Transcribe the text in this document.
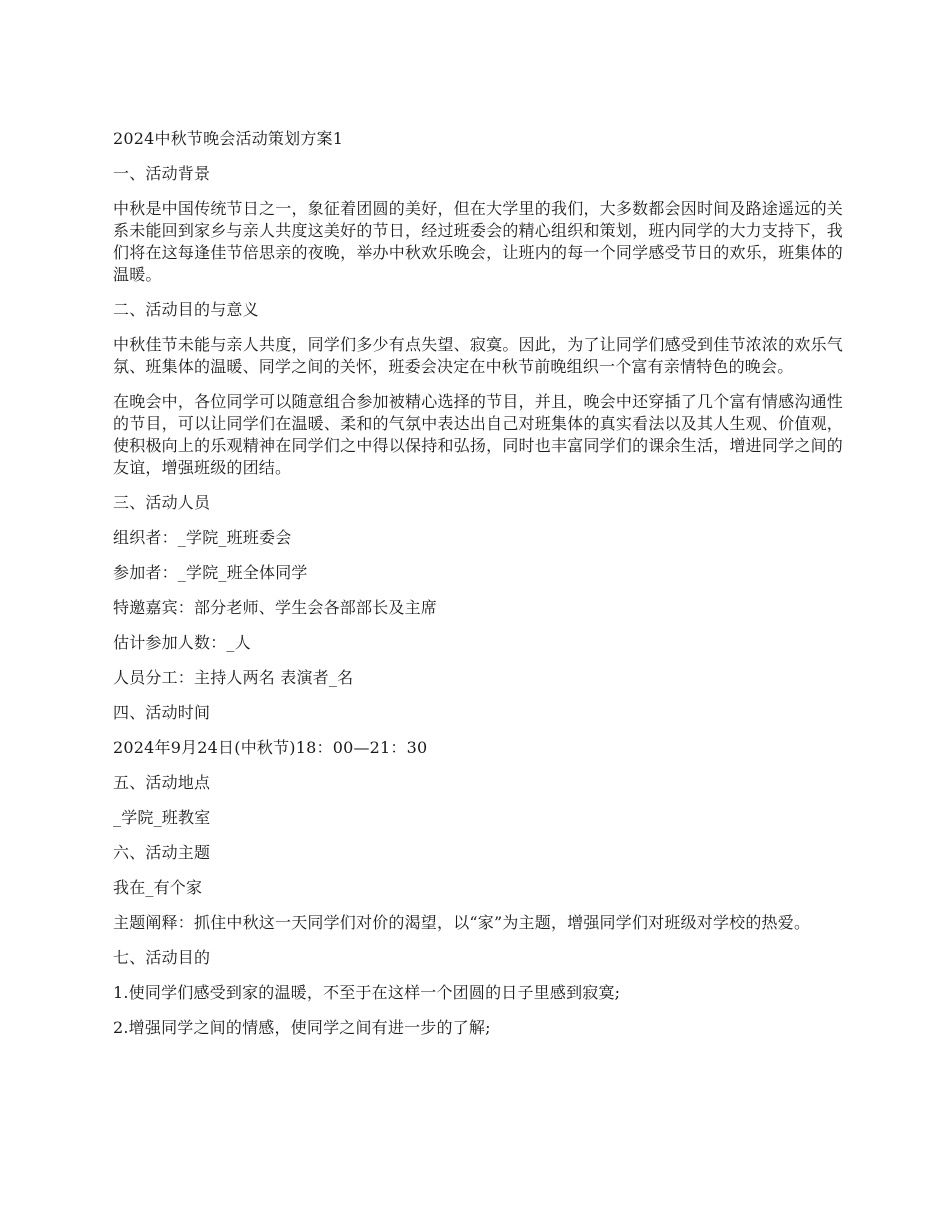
2024中秋节晚会活动策划方案1

一、活动背景

中秋是中国传统节日之一，象征着团圆的美好，但在大学里的我们，大多数都会因时间及路途遥远的关系未能回到家乡与亲人共度这美好的节日，经过班委会的精心组织和策划，班内同学的大力支持下，我们将在这每逢佳节倍思亲的夜晚，举办中秋欢乐晚会，让班内的每一个同学感受节日的欢乐，班集体的温暖。

二、活动目的与意义

中秋佳节未能与亲人共度，同学们多少有点失望、寂寞。因此，为了让同学们感受到佳节浓浓的欢乐气氛、班集体的温暖、同学之间的关怀，班委会决定在中秋节前晚组织一个富有亲情特色的晚会。

在晚会中，各位同学可以随意组合参加被精心选择的节目，并且，晚会中还穿插了几个富有情感沟通性的节目，可以让同学们在温暖、柔和的气氛中表达出自己对班集体的真实看法以及其人生观、价值观，使积极向上的乐观精神在同学们之中得以保持和弘扬，同时也丰富同学们的课余生活，增进同学之间的友谊，增强班级的团结。

三、活动人员

组织者：_学院_班班委会

参加者：_学院_班全体同学

特邀嘉宾：部分老师、学生会各部部长及主席

估计参加人数：_人

人员分工：主持人两名 表演者_名

四、活动时间

2024年9月24日(中秋节)18：00—21：30

五、活动地点

_学院_班教室

六、活动主题

我在_有个家

主题阐释：抓住中秋这一天同学们对价的渴望，以“家”为主题，增强同学们对班级对学校的热爱。

七、活动目的

1.使同学们感受到家的温暖，不至于在这样一个团圆的日子里感到寂寞;

2.增强同学之间的情感，使同学之间有进一步的了解;
